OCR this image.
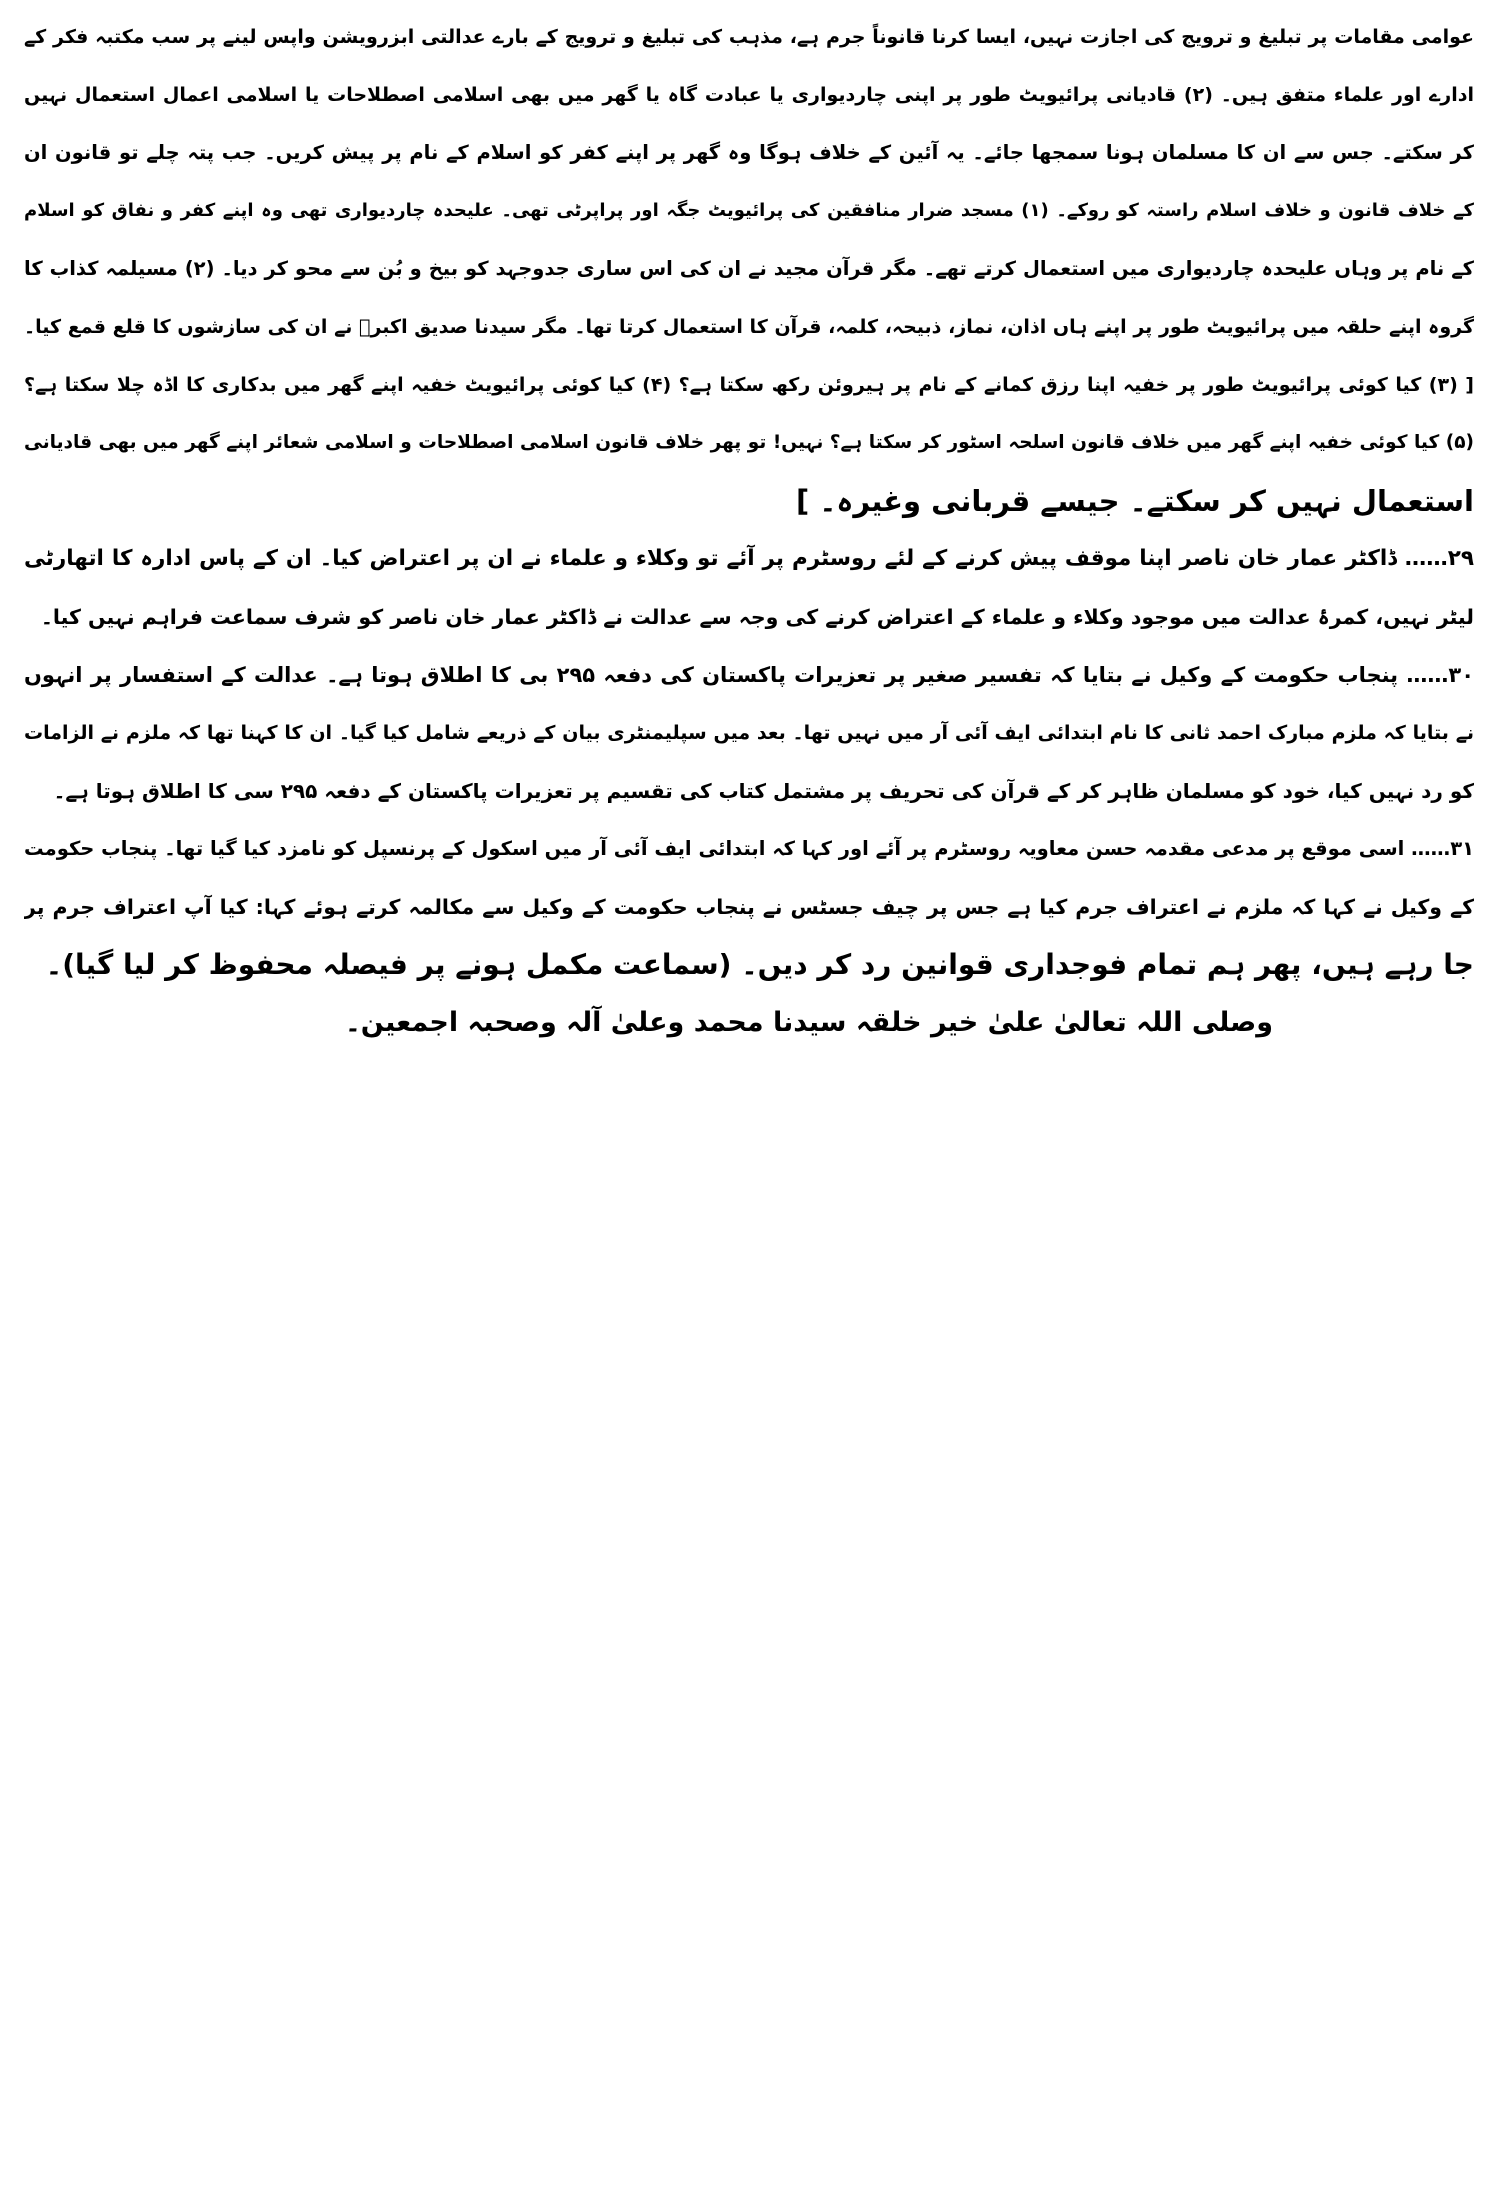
عوامی مقامات پر تبلیغ و ترویج کی اجازت نہیں، ایسا کرنا قانوناً جرم ہے، مذہب کی تبلیغ و ترویج کے بارے عدالتی ابزرویشن واپس لینے پر سب مکتبہ فکر کے
ادارے اور علماء متفق ہیں۔ (۲) قادیانی پرائیویٹ طور پر اپنی چاردیواری یا عبادت گاہ یا گھر میں بھی اسلامی اصطلاحات یا اسلامی اعمال استعمال نہیں
کر سکتے۔ جس سے ان کا مسلمان ہونا سمجھا جائے۔ یہ آئین کے خلاف ہوگا وہ گھر پر اپنے کفر کو اسلام کے نام پر پیش کریں۔ جب پتہ چلے تو قانون ان
کے خلاف قانون و خلاف اسلام راستہ کو روکے۔ (۱) مسجد ضرار منافقین کی پرائیویٹ جگہ اور پراپرٹی تھی۔ علیحدہ چاردیواری تھی وہ اپنے کفر و نفاق کو اسلام
کے نام پر وہاں علیحدہ چاردیواری میں استعمال کرتے تھے۔ مگر قرآن مجید نے ان کی اس ساری جدوجہد کو بیخ و بُن سے محو کر دیا۔ (۲) مسیلمہ کذاب کا
گروہ اپنے حلقہ میں پرائیویٹ طور پر اپنے ہاں اذان، نماز، ذبیحہ، کلمہ، قرآن کا استعمال کرتا تھا۔ مگر سیدنا صدیق اکبرؓ نے ان کی سازشوں کا قلع قمع کیا۔
[ (۳) کیا کوئی پرائیویٹ طور پر خفیہ اپنا رزق کمانے کے نام پر ہیروئن رکھ سکتا ہے؟ (۴) کیا کوئی پرائیویٹ خفیہ اپنے گھر میں بدکاری کا اڈہ چلا سکتا ہے؟
(۵) کیا کوئی خفیہ اپنے گھر میں خلاف قانون اسلحہ اسٹور کر سکتا ہے؟ نہیں! تو پھر خلاف قانون اسلامی اصطلاحات و اسلامی شعائر اپنے گھر میں بھی قادیانی
استعمال نہیں کر سکتے۔ جیسے قربانی وغیرہ۔ ]
۲۹…… ڈاکٹر عمار خان ناصر اپنا موقف پیش کرنے کے لئے روسٹرم پر آئے تو وکلاء و علماء نے ان پر اعتراض کیا۔ ان کے پاس ادارہ کا اتھارٹی
لیٹر نہیں، کمرۂ عدالت میں موجود وکلاء و علماء کے اعتراض کرنے کی وجہ سے عدالت نے ڈاکٹر عمار خان ناصر کو شرف سماعت فراہم نہیں کیا۔
۳۰…… پنجاب حکومت کے وکیل نے بتایا کہ تفسیر صغیر پر تعزیرات پاکستان کی دفعہ ۲۹۵ بی کا اطلاق ہوتا ہے۔ عدالت کے استفسار پر انہوں
نے بتایا کہ ملزم مبارک احمد ثانی کا نام ابتدائی ایف آئی آر میں نہیں تھا۔ بعد میں سپلیمنٹری بیان کے ذریعے شامل کیا گیا۔ ان کا کہنا تھا کہ ملزم نے الزامات
کو رد نہیں کیا، خود کو مسلمان ظاہر کر کے قرآن کی تحریف پر مشتمل کتاب کی تقسیم پر تعزیرات پاکستان کے دفعہ ۲۹۵ سی کا اطلاق ہوتا ہے۔
۳۱…… اسی موقع پر مدعی مقدمہ حسن معاویہ روسٹرم پر آئے اور کہا کہ ابتدائی ایف آئی آر میں اسکول کے پرنسپل کو نامزد کیا گیا تھا۔ پنجاب حکومت
کے وکیل نے کہا کہ ملزم نے اعتراف جرم کیا ہے جس پر چیف جسٹس نے پنجاب حکومت کے وکیل سے مکالمہ کرتے ہوئے کہا: کیا آپ اعتراف جرم پر
جا رہے ہیں، پھر ہم تمام فوجداری قوانین رد کر دیں۔ (سماعت مکمل ہونے پر فیصلہ محفوظ کر لیا گیا)۔
وصلی اللہ تعالیٰ علیٰ خیر خلقہ سیدنا محمد وعلیٰ آلہ وصحبہ اجمعین۔
